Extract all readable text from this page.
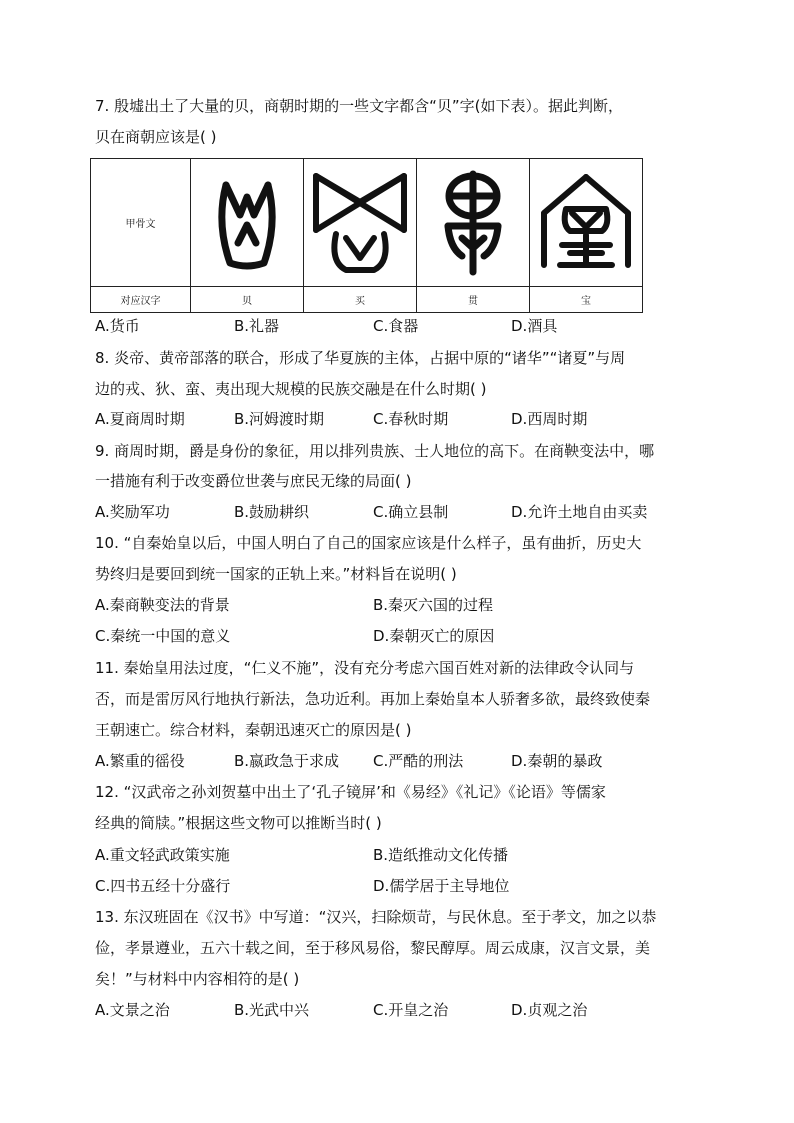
7. 殷墟出土了大量的贝，商朝时期的一些文字都含“贝”字(如下表）。据此判断，
贝在商朝应该是( )
甲骨文	

对应汉字	贝	买	贯	宝
A.货币	B.礼器	C.食器	D.酒具
8. 炎帝、黄帝部落的联合，形成了华夏族的主体，占据中原的“诸华”“诸夏”与周
边的戎、狄、蛮、夷出现大规模的民族交融是在什么时期( )
A.夏商周时期	B.河姆渡时期	C.春秋时期	D.西周时期
9. 商周时期，爵是身份的象征，用以排列贵族、士人地位的高下。在商鞅变法中，哪
一措施有利于改变爵位世袭与庶民无缘的局面( )
A.奖励军功	B.鼓励耕织	C.确立县制	D.允许土地自由买卖
10. “自秦始皇以后，中国人明白了自己的国家应该是什么样子，虽有曲折，历史大
势终归是要回到统一国家的正轨上来。”材料旨在说明( )
A.秦商鞅变法的背景	B.秦灭六国的过程
C.秦统一中国的意义	D.秦朝灭亡的原因
11. 秦始皇用法过度，“仁义不施”，没有充分考虑六国百姓对新的法律政令认同与
否，而是雷厉风行地执行新法，急功近利。再加上秦始皇本人骄奢多欲，最终致使秦
王朝速亡。综合材料，秦朝迅速灭亡的原因是( )
A.繁重的徭役	B.嬴政急于求成 C.严酷的刑法	D.秦朝的暴政
12. “汉武帝之孙刘贺墓中出土了‘孔子镜屏’和《易经》《礼记》《论语》等儒家
经典的简牍。”根据这些文物可以推断当时( )
A.重文轻武政策实施	B.造纸推动文化传播
C.四书五经十分盛行	D.儒学居于主导地位
13. 东汉班固在《汉书》中写道：“汉兴，扫除烦苛，与民休息。至于孝文，加之以恭
俭，孝景遵业，五六十载之间，至于移风易俗，黎民醇厚。周云成康，汉言文景，美
矣！”与材料中内容相符的是( )
A.文景之治	B.光武中兴	C.开皇之治	D.贞观之治
